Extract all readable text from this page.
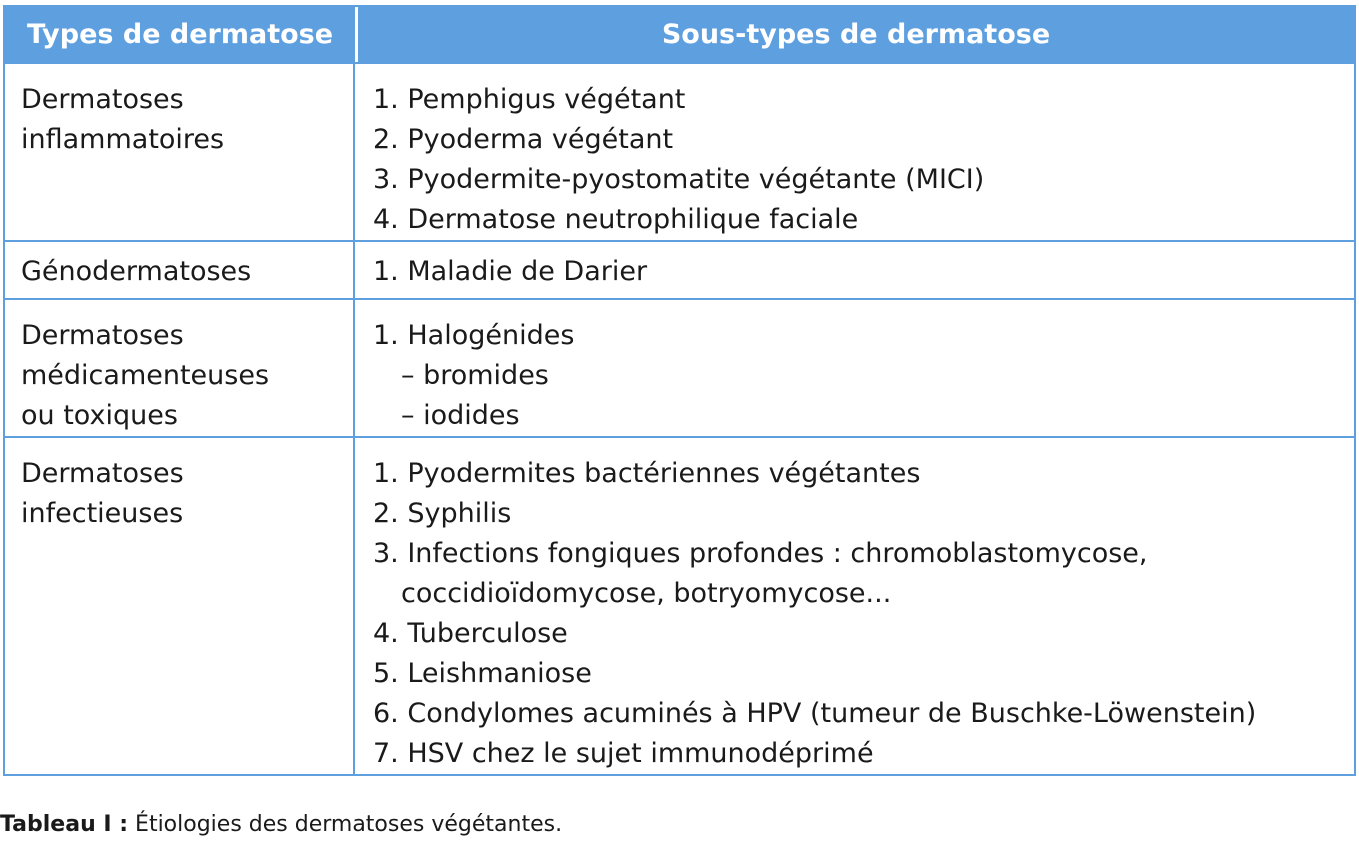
Types de dermatose	Sous-types de dermatose
Dermatoses
inflammatoires
1. Pemphigus végétant
2. Pyoderma végétant
3. Pyodermite-pyostomatite végétante (MICI)
4. Dermatose neutrophilique faciale
Génodermatoses	1. Maladie de Darier
Dermatoses
médicamenteuses
ou toxiques
1. Halogénides
– bromides
– iodides
Dermatoses
infectieuses
1. Pyodermites bactériennes végétantes
2. Syphilis
3. Infections fongiques profondes : chromoblastomycose,
coccidioïdomycose, botryomycose...
4. Tuberculose
5. Leishmaniose
6. Condylomes acuminés à HPV (tumeur de Buschke-Löwenstein)
7. HSV chez le sujet immunodéprimé
Tableau I : Étiologies des dermatoses végétantes.
